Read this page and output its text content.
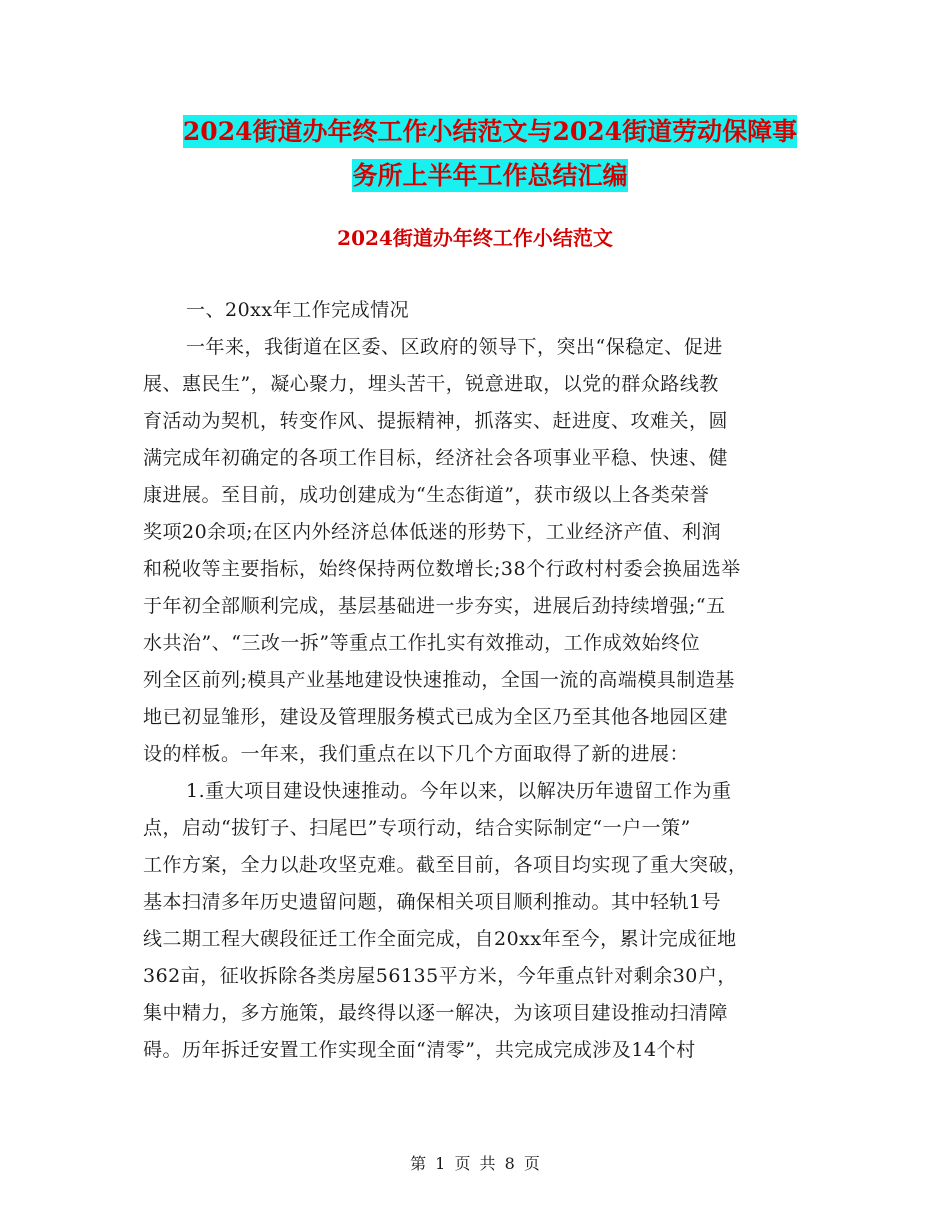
2024街道办年终工作小结范文与2024街道劳动保障事
务所上半年工作总结汇编
2024街道办年终工作小结范文
一、20xx年工作完成情况
一年来，我街道在区委、区政府的领导下，突出“保稳定、促进
展、惠民生”，凝心聚力，埋头苦干，锐意进取，以党的群众路线教
育活动为契机，转变作风、提振精神，抓落实、赶进度、攻难关，圆
满完成年初确定的各项工作目标，经济社会各项事业平稳、快速、健
康进展。至目前，成功创建成为“生态街道”，获市级以上各类荣誉
奖项20余项;在区内外经济总体低迷的形势下，工业经济产值、利润
和税收等主要指标，始终保持两位数增长;38个行政村村委会换届选举
于年初全部顺利完成，基层基础进一步夯实，进展后劲持续增强;“五
水共治”、“三改一拆”等重点工作扎实有效推动，工作成效始终位
列全区前列;模具产业基地建设快速推动，全国一流的高端模具制造基
地已初显雏形，建设及管理服务模式已成为全区乃至其他各地园区建
设的样板。一年来，我们重点在以下几个方面取得了新的进展：
1.重大项目建设快速推动。今年以来，以解决历年遗留工作为重
点，启动“拔钉子、扫尾巴”专项行动，结合实际制定“一户一策”
工作方案，全力以赴攻坚克难。截至目前，各项目均实现了重大突破，
基本扫清多年历史遗留问题，确保相关项目顺利推动。其中轻轨1号
线二期工程大碶段征迁工作全面完成，自20xx年至今，累计完成征地
362亩，征收拆除各类房屋56135平方米，今年重点针对剩余30户，
集中精力，多方施策，最终得以逐一解决，为该项目建设推动扫清障
碍。历年拆迁安置工作实现全面“清零”，共完成完成涉及14个村
第 1 页 共 8 页
